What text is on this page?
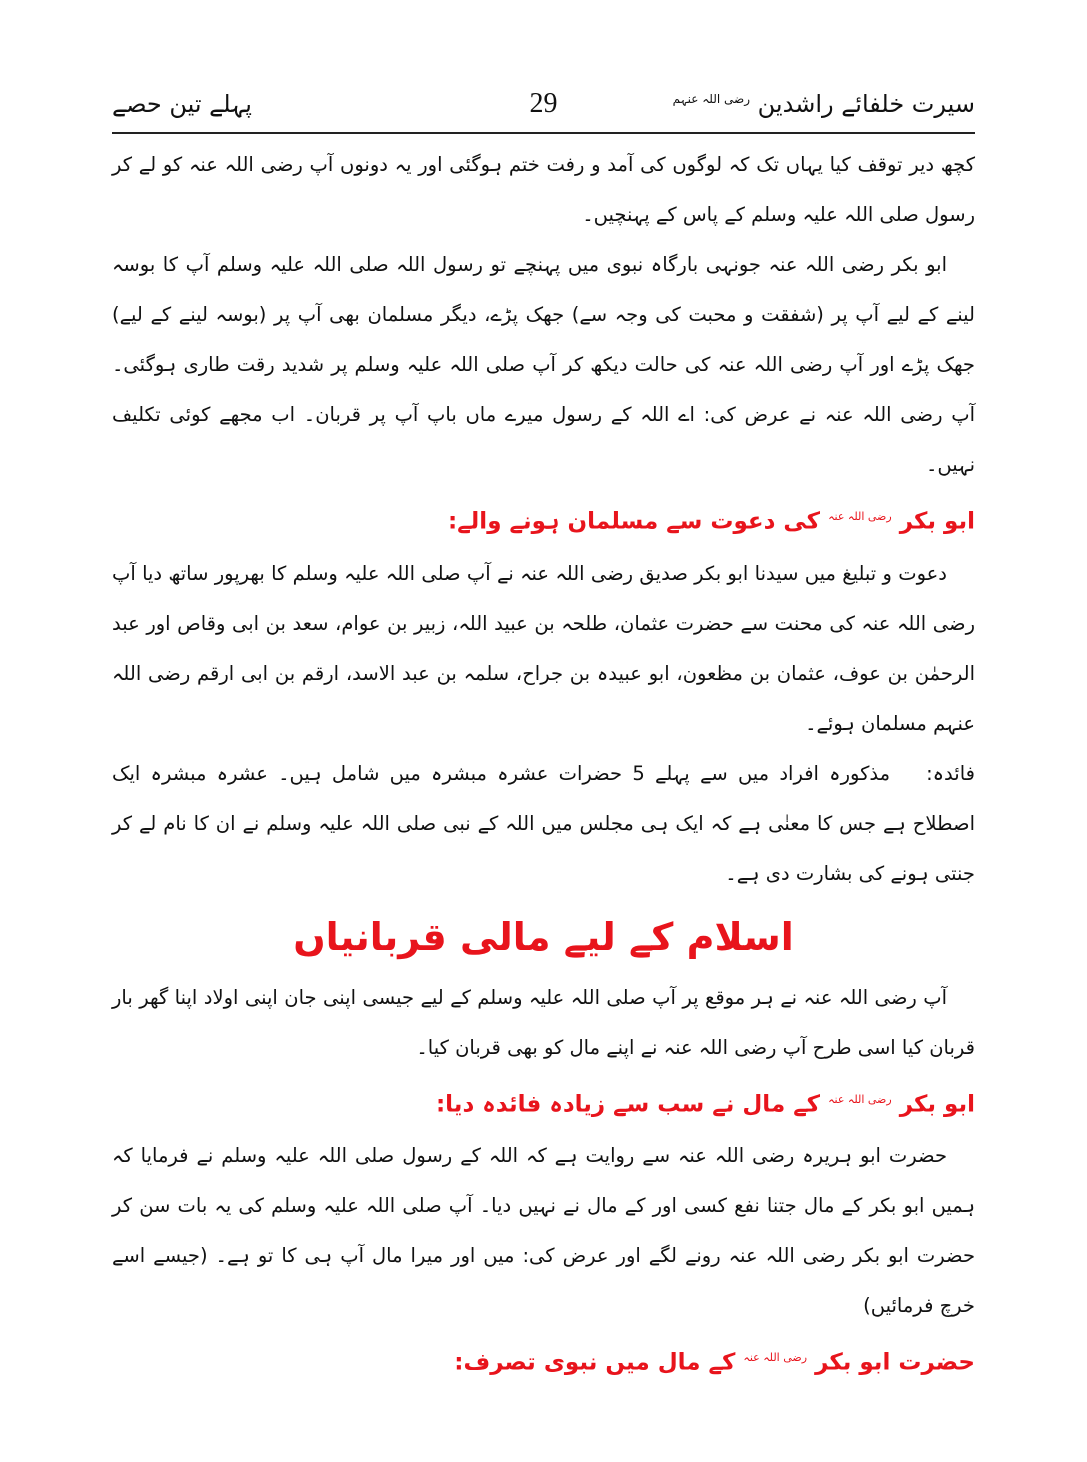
سیرت خلفائے راشدین $^{رضی اللہ عنہم}$
29
پہلے تین حصے

کچھ دیر توقف کیا یہاں تک کہ لوگوں کی آمد و رفت ختم ہوگئی اور یہ دونوں آپ رضی اللہ عنہ کو لے کر رسول صلی اللہ علیہ وسلم کے پاس کے پہنچیں۔

ابو بکر رضی اللہ عنہ جونہی بارگاہ نبوی میں پہنچے تو رسول اللہ صلی اللہ علیہ وسلم آپ کا بوسہ لینے کے لیے آپ پر (شفقت و محبت کی وجہ سے) جھک پڑے، دیگر مسلمان بھی آپ پر (بوسہ لینے کے لیے) جھک پڑے اور آپ رضی اللہ عنہ کی حالت دیکھ کر آپ صلی اللہ علیہ وسلم پر شدید رقت طاری ہوگئی۔ آپ رضی اللہ عنہ نے عرض کی: اے اللہ کے رسول میرے ماں باپ آپ پر قربان۔ اب مجھے کوئی تکلیف نہیں۔

ابو بکر $^{رضی اللہ عنہ}$ کی دعوت سے مسلمان ہونے والے:

دعوت و تبلیغ میں سیدنا ابو بکر صدیق رضی اللہ عنہ نے آپ صلی اللہ علیہ وسلم کا بھرپور ساتھ دیا آپ رضی اللہ عنہ کی محنت سے حضرت عثمان، طلحہ بن عبید اللہ، زبیر بن عوام، سعد بن ابی وقاص اور عبد الرحمٰن بن عوف، عثمان بن مظعون، ابو عبیدہ بن جراح، سلمہ بن عبد الاسد، ارقم بن ابی ارقم رضی اللہ عنہم مسلمان ہوئے۔

فائدہ:مذکورہ افراد میں سے پہلے 5 حضرات عشرہ مبشرہ میں شامل ہیں۔ عشرہ مبشرہ ایک اصطلاح ہے جس کا معنٰی ہے کہ ایک ہی مجلس میں اللہ کے نبی صلی اللہ علیہ وسلم نے ان کا نام لے کر جنتی ہونے کی بشارت دی ہے۔

اسلام کے لیے مالی قربانیاں

آپ رضی اللہ عنہ نے ہر موقع پر آپ صلی اللہ علیہ وسلم کے لیے جیسی اپنی جان اپنی اولاد اپنا گھر بار قربان کیا اسی طرح آپ رضی اللہ عنہ نے اپنے مال کو بھی قربان کیا۔

ابو بکر $^{رضی اللہ عنہ}$ کے مال نے سب سے زیادہ فائدہ دیا:

حضرت ابو ہریرہ رضی اللہ عنہ سے روایت ہے کہ اللہ کے رسول صلی اللہ علیہ وسلم نے فرمایا کہ ہمیں ابو بکر کے مال جتنا نفع کسی اور کے مال نے نہیں دیا۔ آپ صلی اللہ علیہ وسلم کی یہ بات سن کر حضرت ابو بکر رضی اللہ عنہ رونے لگے اور عرض کی: میں اور میرا مال آپ ہی کا تو ہے۔ (جیسے اسے خرچ فرمائیں)

حضرت ابو بکر $^{رضی اللہ عنہ}$ کے مال میں نبوی تصرف:
